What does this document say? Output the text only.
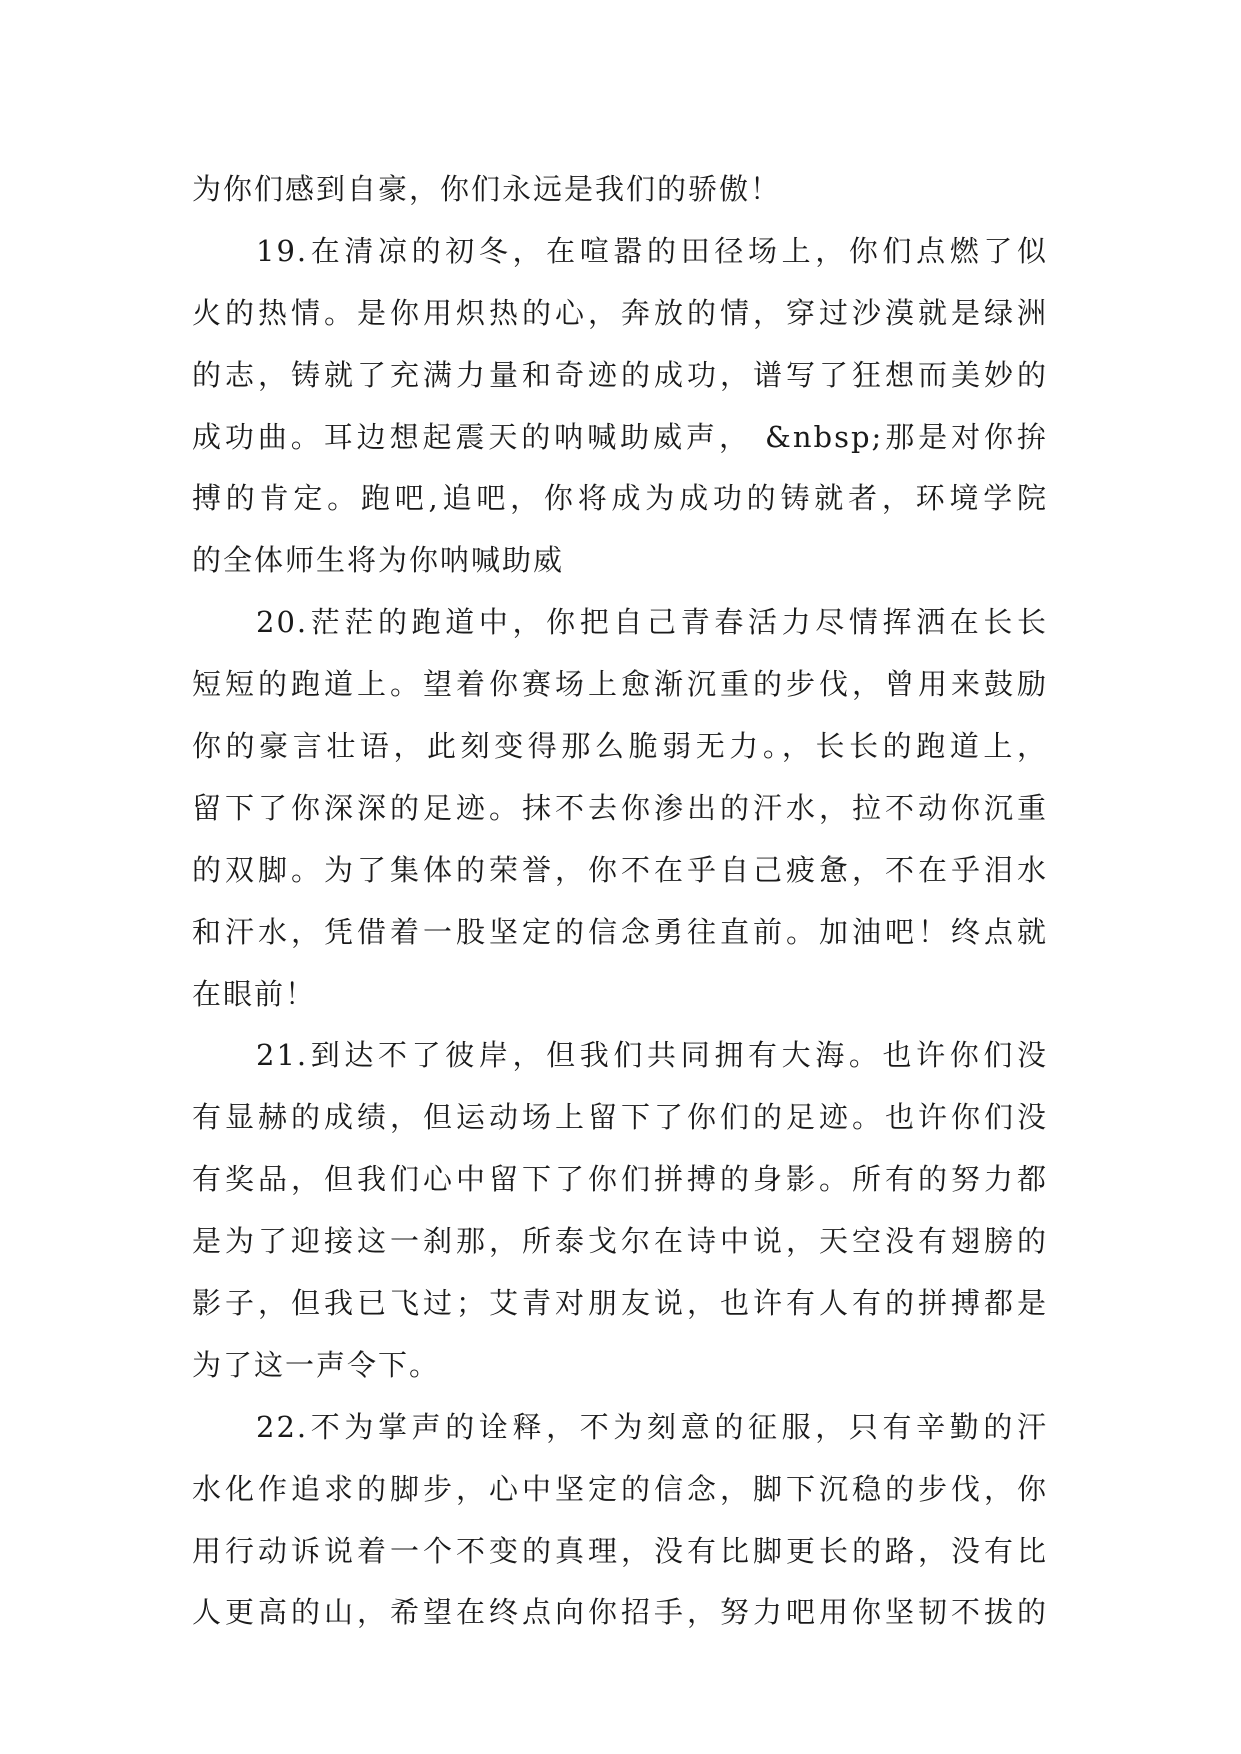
为你们感到自豪，你们永远是我们的骄傲！
19.在清凉的初冬，在喧嚣的田径场上，你们点燃了似
火的热情。是你用炽热的心，奔放的情，穿过沙漠就是绿洲
的志，铸就了充满力量和奇迹的成功，谱写了狂想而美妙的
成功曲。耳边想起震天的呐喊助威声， &nbsp;那是对你拚
搏的肯定。跑吧,追吧，你将成为成功的铸就者，环境学院
的全体师生将为你呐喊助威
20.茫茫的跑道中，你把自己青春活力尽情挥洒在长长
短短的跑道上。望着你赛场上愈渐沉重的步伐，曾用来鼓励
你的豪言壮语，此刻变得那么脆弱无力。，长长的跑道上，
留下了你深深的足迹。抹不去你渗出的汗水，拉不动你沉重
的双脚。为了集体的荣誉，你不在乎自己疲惫，不在乎泪水
和汗水，凭借着一股坚定的信念勇往直前。加油吧！终点就
在眼前！
21.到达不了彼岸，但我们共同拥有大海。也许你们没
有显赫的成绩，但运动场上留下了你们的足迹。也许你们没
有奖品，但我们心中留下了你们拼搏的身影。所有的努力都
是为了迎接这一刹那，所泰戈尔在诗中说，天空没有翅膀的
影子，但我已飞过；艾青对朋友说，也许有人有的拼搏都是
为了这一声令下。
22.不为掌声的诠释，不为刻意的征服，只有辛勤的汗
水化作追求的脚步，心中坚定的信念，脚下沉稳的步伐，你
用行动诉说着一个不变的真理，没有比脚更长的路，没有比
人更高的山，希望在终点向你招手，努力吧用你坚韧不拔的
